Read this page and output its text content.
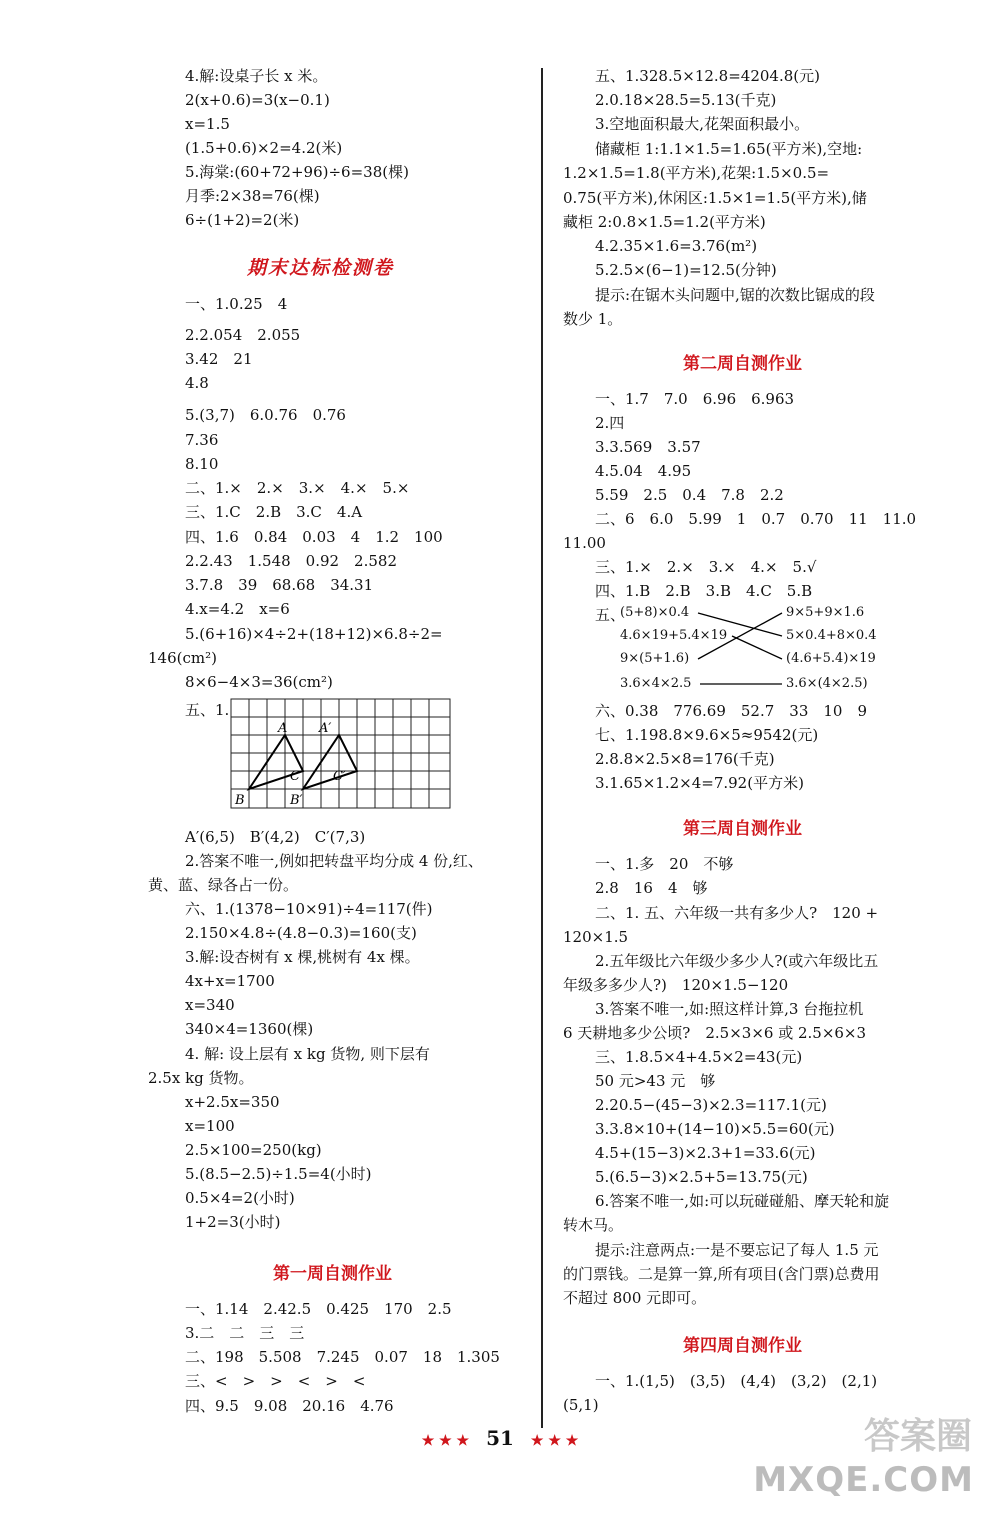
4.解:设桌子长 x 米。
2(x+0.6)=3(x−0.1)
x=1.5
(1.5+0.6)×2=4.2(米)
5.海棠:(60+72+96)÷6=38(棵)
月季:2×38=76(棵)
6÷(1+2)=2(米)
期末达标检测卷
一、1.0.25　4
2.2.054　2.055
3.42　21
4.8
5.(3,7)　6.0.76　0.76
7.36
8.10
二、1.×　2.×　3.×　4.×　5.×
三、1.C　2.B　3.C　4.A
四、1.6　0.84　0.03　4　1.2　100
2.2.43　1.548　0.92　2.582
3.7.8　39　68.68　34.31
4.x=4.2　x=6
5.(6+16)×4÷2+(18+12)×6.8÷2=
146(cm²)
8×6−4×3=36(cm²)
五、1.
A
B
C
A′
B′
C′
A′(6,5)　B′(4,2)　C′(7,3)
2.答案不唯一,例如把转盘平均分成 4 份,红、
黄、蓝、绿各占一份。
六、1.(1378−10×91)÷4=117(件)
2.150×4.8÷(4.8−0.3)=160(支)
3.解:设杏树有 x 棵,桃树有 4x 棵。
4x+x=1700
x=340
340×4=1360(棵)
4. 解: 设上层有 x kg 货物, 则下层有
2.5x kg 货物。
x+2.5x=350
x=100
2.5×100=250(kg)
5.(8.5−2.5)÷1.5=4(小时)
0.5×4=2(小时)
1+2=3(小时)
第一周自测作业
一、1.14　2.42.5　0.425　170　2.5
3.二　二　三　三
二、198　5.508　7.245　0.07　18　1.305
三、<　>　>　<　>　<
四、9.5　9.08　20.16　4.76
五、1.328.5×12.8=4204.8(元)
2.0.18×28.5=5.13(千克)
3.空地面积最大,花架面积最小。
储藏柜 1:1.1×1.5=1.65(平方米),空地:
1.2×1.5=1.8(平方米),花架:1.5×0.5=
0.75(平方米),休闲区:1.5×1=1.5(平方米),储
藏柜 2:0.8×1.5=1.2(平方米)
4.2.35×1.6=3.76(m²)
5.2.5×(6−1)=12.5(分钟)
提示:在锯木头问题中,锯的次数比锯成的段
数少 1。
第二周自测作业
一、1.7　7.0　6.96　6.963
2.四
3.3.569　3.57
4.5.04　4.95
5.59　2.5　0.4　7.8　2.2
二、6　6.0　5.99　1　0.7　0.70　11　11.0
11.00
三、1.×　2.×　3.×　4.×　5.√
四、1.B　2.B　3.B　4.C　5.B
五、
(5+8)×0.4
4.6×19+5.4×19
9×(5+1.6)
3.6×4×2.5
9×5+9×1.6
5×0.4+8×0.4
(4.6+5.4)×19
3.6×(4×2.5)
六、0.38　776.69　52.7　33　10　9
七、1.198.8×9.6×5≈9542(元)
2.8.8×2.5×8=176(千克)
3.1.65×1.2×4=7.92(平方米)
第三周自测作业
一、1.多　20　不够
2.8　16　4　够
二、1. 五、六年级一共有多少人?　120 +
120×1.5
2.五年级比六年级少多少人?(或六年级比五
年级多多少人?)　120×1.5−120
3.答案不唯一,如:照这样计算,3 台拖拉机
6 天耕地多少公顷?　2.5×3×6 或 2.5×6×3
三、1.8.5×4+4.5×2=43(元)
50 元>43 元　够
2.20.5−(45−3)×2.3=117.1(元)
3.3.8×10+(14−10)×5.5=60(元)
4.5+(15−3)×2.3+1=33.6(元)
5.(6.5−3)×2.5+5=13.75(元)
6.答案不唯一,如:可以玩碰碰船、摩天轮和旋
转木马。
提示:注意两点:一是不要忘记了每人 1.5 元
的门票钱。二是算一算,所有项目(含门票)总费用
不超过 800 元即可。
第四周自测作业
一、1.(1,5)　(3,5)　(4,4)　(3,2)　(2,1)
(5,1)
★ ★ ★ 51 ★ ★ ★	答案圈
MXQE.COM
